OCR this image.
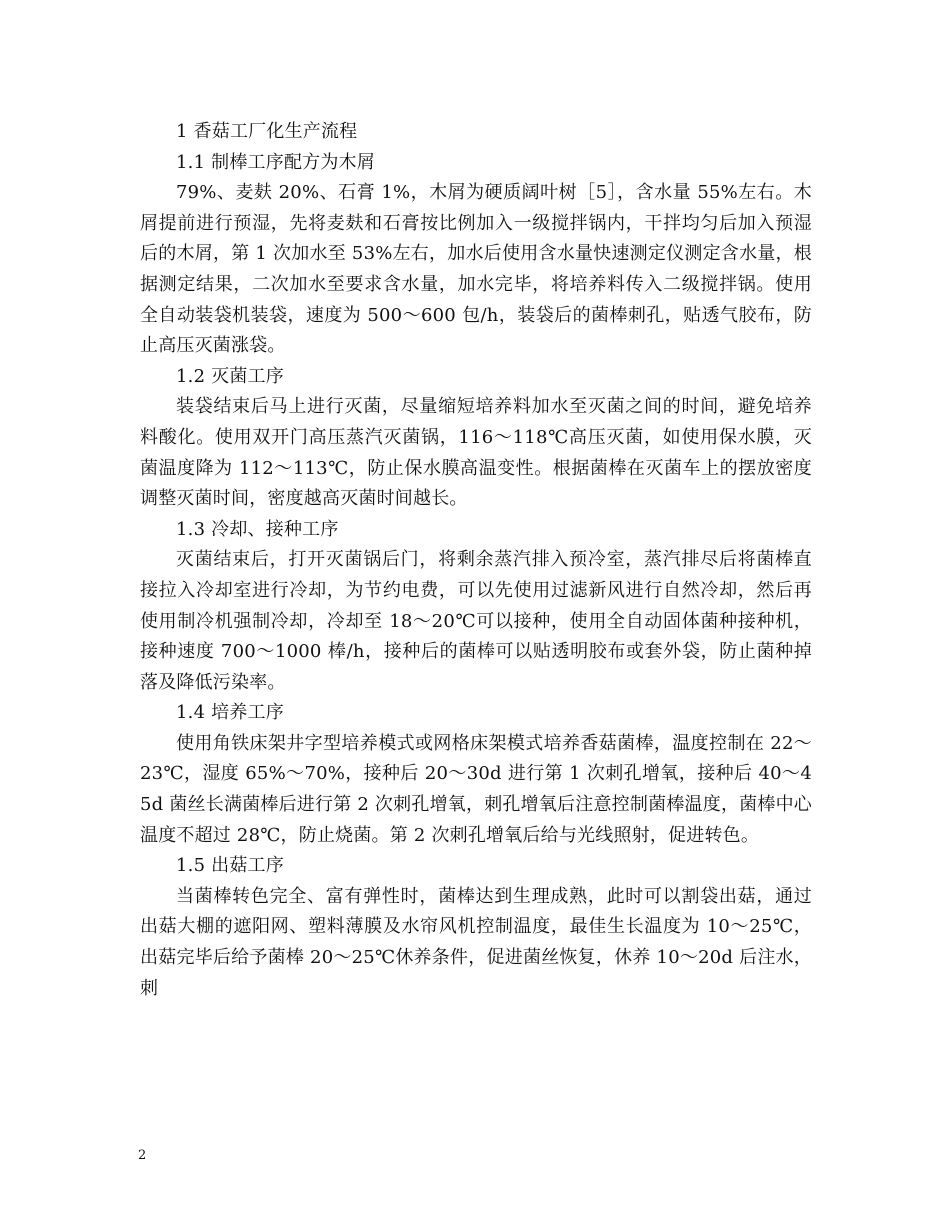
1 香菇工厂化生产流程

1.1 制棒工序配方为木屑

79%、麦麸 20%、石膏 1%，木屑为硬质阔叶树［5］，含水量 55%左右。木屑提前进行预湿，先将麦麸和石膏按比例加入一级搅拌锅内，干拌均匀后加入预湿后的木屑，第 1 次加水至 53%左右，加水后使用含水量快速测定仪测定含水量，根据测定结果，二次加水至要求含水量，加水完毕，将培养料传入二级搅拌锅。使用全自动装袋机装袋，速度为 500～600 包/h，装袋后的菌棒刺孔，贴透气胶布，防止高压灭菌涨袋。

1.2 灭菌工序

装袋结束后马上进行灭菌，尽量缩短培养料加水至灭菌之间的时间，避免培养料酸化。使用双开门高压蒸汽灭菌锅，116～118℃高压灭菌，如使用保水膜，灭菌温度降为 112～113℃，防止保水膜高温变性。根据菌棒在灭菌车上的摆放密度调整灭菌时间，密度越高灭菌时间越长。

1.3 冷却、接种工序

灭菌结束后，打开灭菌锅后门，将剩余蒸汽排入预冷室，蒸汽排尽后将菌棒直接拉入冷却室进行冷却，为节约电费，可以先使用过滤新风进行自然冷却，然后再使用制冷机强制冷却，冷却至 18～20℃可以接种，使用全自动固体菌种接种机，接种速度 700～1000 棒/h，接种后的菌棒可以贴透明胶布或套外袋，防止菌种掉落及降低污染率。

1.4 培养工序

使用角铁床架井字型培养模式或网格床架模式培养香菇菌棒，温度控制在 22～23℃，湿度 65%～70%，接种后 20～30d 进行第 1 次刺孔增氧，接种后 40～45d 菌丝长满菌棒后进行第 2 次刺孔增氧，刺孔增氧后注意控制菌棒温度，菌棒中心温度不超过 28℃，防止烧菌。第 2 次刺孔增氧后给与光线照射，促进转色。

1.5 出菇工序

当菌棒转色完全、富有弹性时，菌棒达到生理成熟，此时可以割袋出菇，通过出菇大棚的遮阳网、塑料薄膜及水帘风机控制温度，最佳生长温度为 10～25℃，出菇完毕后给予菌棒 20～25℃休养条件，促进菌丝恢复，休养 10～20d 后注水，刺

2
